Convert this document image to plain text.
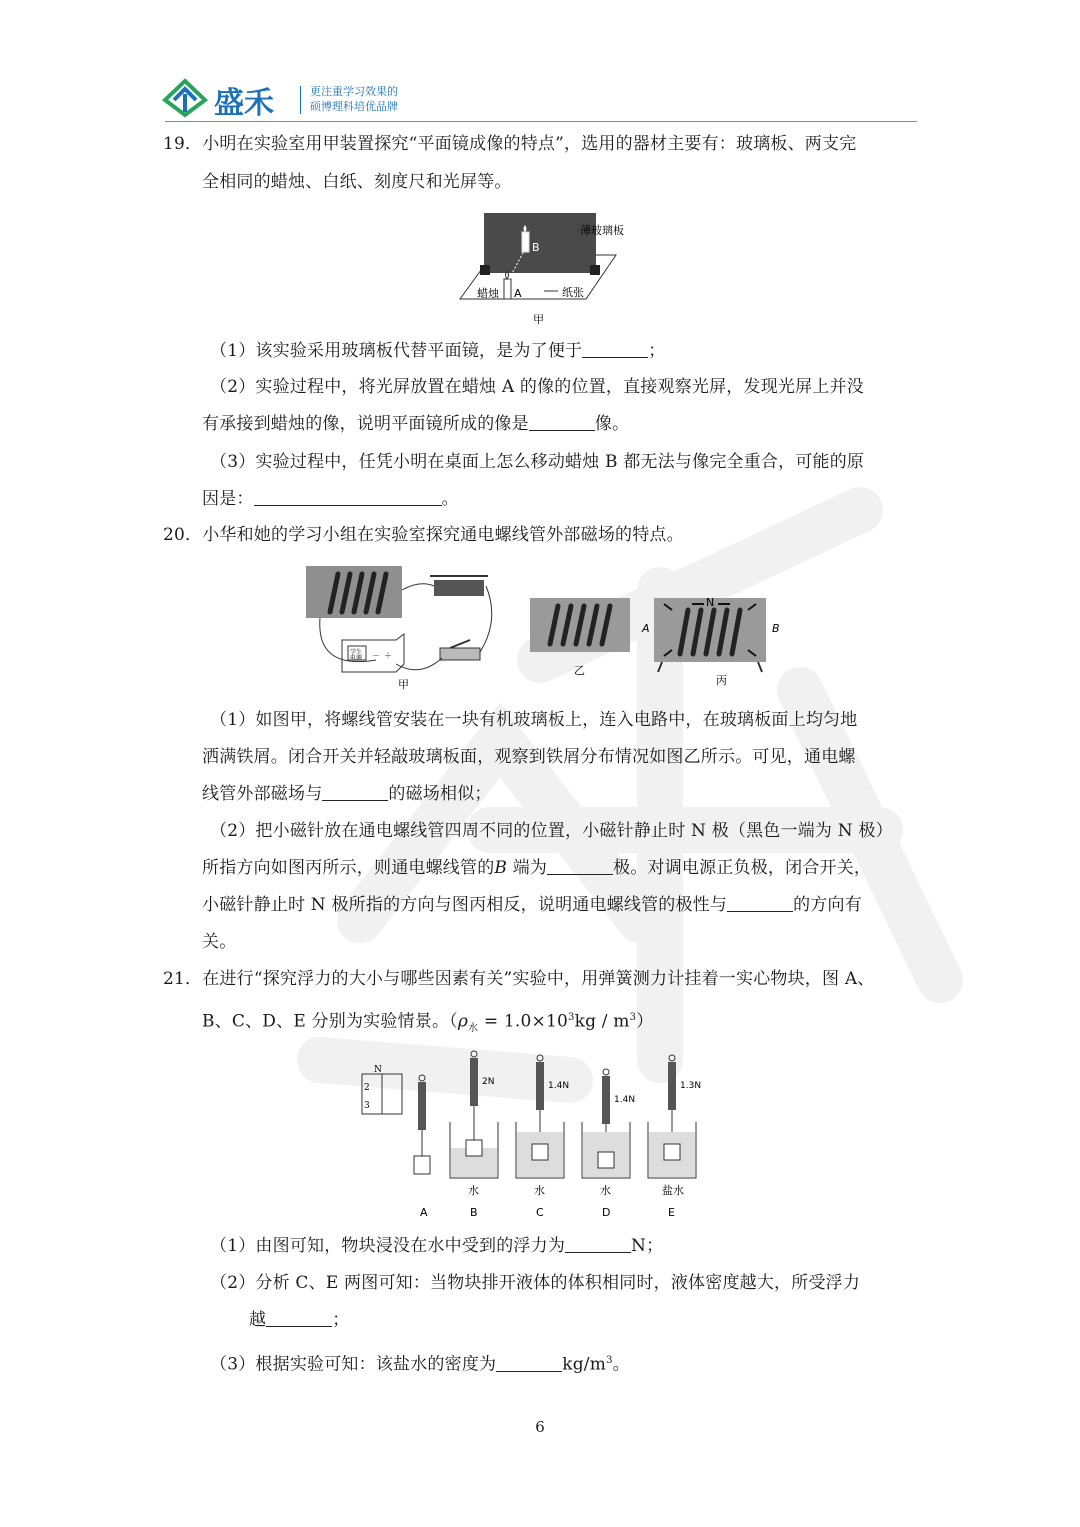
盛禾	更注重学习效果的
硕博理科培优品牌
19．小明在实验室用甲装置探究“平面镜成像的特点”，选用的器材主要有：玻璃板、两支完
全相同的蜡烛、白纸、刻度尺和光屏等。
B
A
蜡烛
薄玻璃板
纸张
甲
（1）该实验采用玻璃板代替平面镜，是为了便于	；
（2）实验过程中，将光屏放置在蜡烛 A 的像的位置，直接观察光屏，发现光屏上并没
有承接到蜡烛的像，说明平面镜所成的像是	像。
（3）实验过程中，任凭小明在桌面上怎么移动蜡烛 B 都无法与像完全重合，可能的原
因是：	。
20．小华和她的学习小组在实验室探究通电螺线管外部磁场的特点。
学生
电源 － ＋
甲
乙
A	B
N
丙
（1）如图甲，将螺线管安装在一块有机玻璃板上，连入电路中，在玻璃板面上均匀地
洒满铁屑。闭合开关并轻敲玻璃板面，观察到铁屑分布情况如图乙所示。可见，通电螺
线管外部磁场与	的磁场相似；
（2）把小磁针放在通电螺线管四周不同的位置，小磁针静止时 N 极（黑色一端为 N 极）
所指方向如图丙所示，则通电螺线管的B 端为	极。对调电源正负极，闭合开关，
小磁针静止时 N 极所指的方向与图丙相反，说明通电螺线管的极性与	的方向有
关。
21．在进行“探究浮力的大小与哪些因素有关”实验中，用弹簧测力计挂着一实心物块，图 A、
B、C、D、E 分别为实验情景。$(\rho_水 = 1.0\times 10^3kg / m^3)$
N
2
3
A
2N
水
B
1.4N
水
C
1.4N
水
D
1.3N
盐水
E
（1）由图可知，物块浸没在水中受到的浮力为	N；
（2）分析 C、E 两图可知：当物块排开液体的体积相同时，液体密度越大，所受浮力
越	；
（3）根据实验可知：该盐水的密度为	$kg/m^3$。
6
